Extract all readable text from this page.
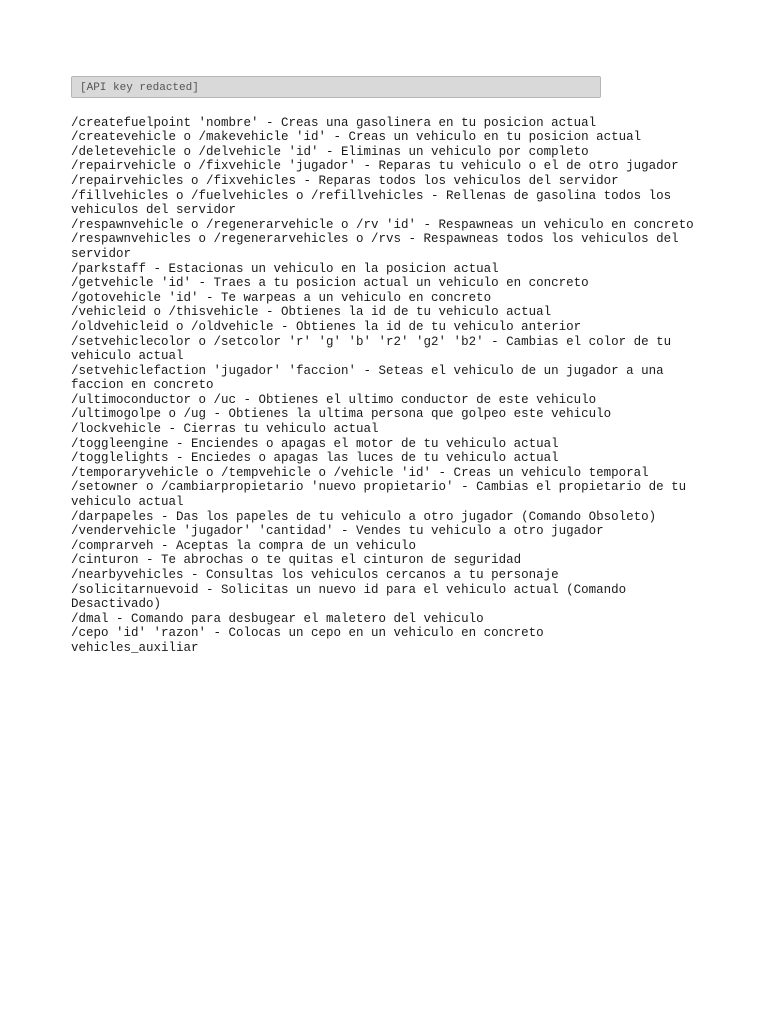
[API key redacted]
/createfuelpoint 'nombre' - Creas una gasolinera en tu posicion actual
/createvehicle o /makevehicle 'id' - Creas un vehiculo en tu posicion actual
/deletevehicle o /delvehicle 'id' - Eliminas un vehiculo por completo
/repairvehicle o /fixvehicle 'jugador' - Reparas tu vehiculo o el de otro jugador
/repairvehicles o /fixvehicles - Reparas todos los vehiculos del servidor
/fillvehicles o /fuelvehicles o /refillvehicles - Rellenas de gasolina todos los vehiculos del servidor
/respawnvehicle o /regenerarvehicle o /rv 'id' - Respawneas un vehiculo en concreto
/respawnvehicles o /regenerarvehicles o /rvs - Respawneas todos los vehiculos del servidor
/parkstaff - Estacionas un vehiculo en la posicion actual
/getvehicle 'id' - Traes a tu posicion actual un vehiculo en concreto
/gotovehicle 'id' - Te warpeas a un vehiculo en concreto
/vehicleid o /thisvehicle - Obtienes la id de tu vehiculo actual
/oldvehicleid o /oldvehicle - Obtienes la id de tu vehiculo anterior
/setvehiclecolor o /setcolor 'r' 'g' 'b' 'r2' 'g2' 'b2' - Cambias el color de tu vehiculo actual
/setvehiclefaction 'jugador' 'faccion' - Seteas el vehiculo de un jugador a una faccion en concreto
/ultimoconductor o /uc - Obtienes el ultimo conductor de este vehiculo
/ultimogolpe o /ug - Obtienes la ultima persona que golpeo este vehiculo
/lockvehicle - Cierras tu vehiculo actual
/toggleengine - Enciendes o apagas el motor de tu vehiculo actual
/togglelights - Enciedes o apagas las luces de tu vehiculo actual
/temporaryvehicle o /tempvehicle o /vehicle 'id' - Creas un vehiculo temporal
/setowner o /cambiarpropietario 'nuevo propietario' - Cambias el propietario de tu vehiculo actual
/darpapeles - Das los papeles de tu vehiculo a otro jugador (Comando Obsoleto)
/vendervehicle 'jugador' 'cantidad' - Vendes tu vehiculo a otro jugador
/comprarveh - Aceptas la compra de un vehiculo
/cinturon - Te abrochas o te quitas el cinturon de seguridad
/nearbyvehicles - Consultas los vehiculos cercanos a tu personaje
/solicitarnuevoid - Solicitas un nuevo id para el vehiculo actual (Comando Desactivado)
/dmal - Comando para desbugear el maletero del vehiculo
/cepo 'id' 'razon' - Colocas un cepo en un vehiculo en concreto
vehicles_auxiliar
